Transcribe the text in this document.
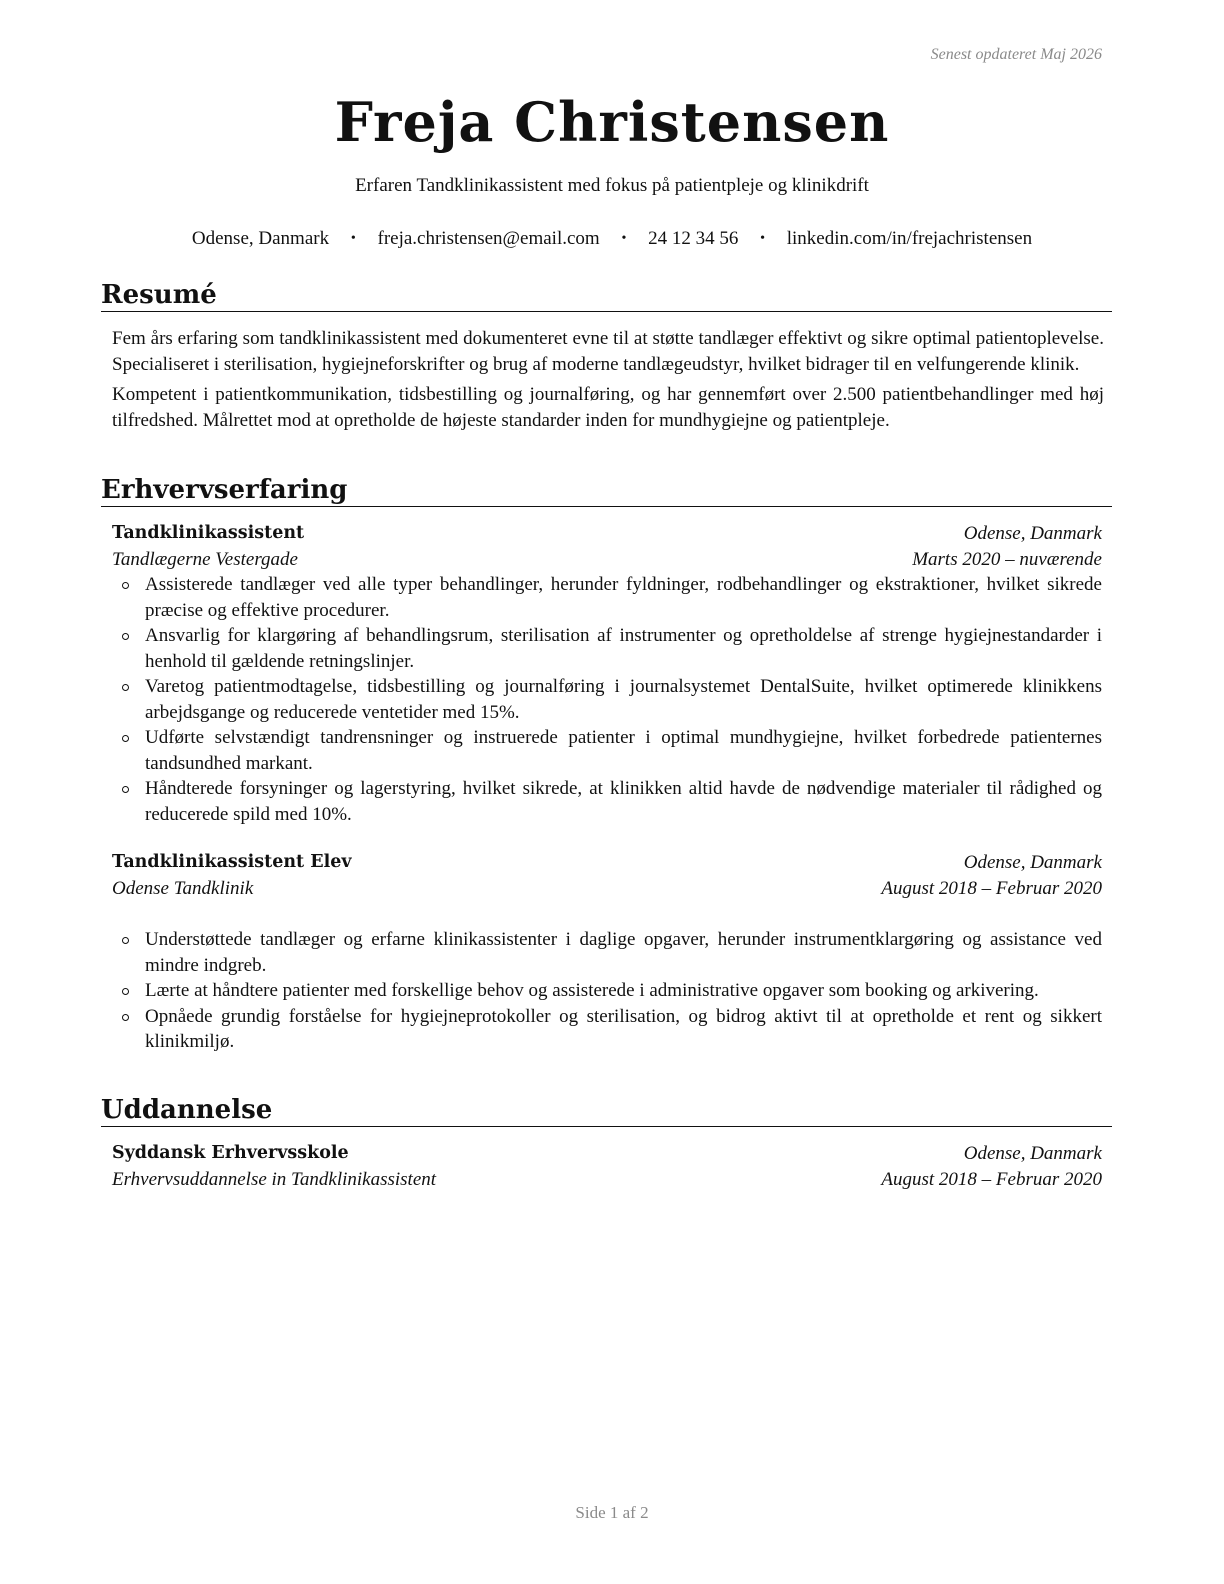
Senest opdateret Maj 2026
Freja Christensen
Erfaren Tandklinikassistent med fokus på patientpleje og klinikdrift
Odense, Danmark • freja.christensen@email.com • 24 12 34 56 • linkedin.com/in/frejachristensen
Resumé

Fem års erfaring som tandklinikassistent med dokumenteret evne til at støtte tandlæger effektivt og sikre optimal patientoplevelse. Specialiseret i sterilisation, hygiejneforskrifter og brug af moderne tandlægeudstyr, hvilket bidrager til en velfungerende klinik.

Kompetent i patientkommunikation, tidsbestilling og journalføring, og har gennemført over 2.500 patientbehandlinger med høj tilfredshed. Målrettet mod at opretholde de højeste standarder inden for mundhygiejne og patientpleje.

Erhvervserfaring
Tandklinikassistent	Odense, Danmark
Tandlægerne Vestergade	Marts 2020 – nuværende
Assisterede tandlæger ved alle typer behandlinger, herunder fyldninger, rodbehandlinger og ekstraktioner, hvilket sikrede præcise og effektive procedurer.
Ansvarlig for klargøring af behandlingsrum, sterilisation af instrumenter og opretholdelse af strenge hygiejnestandarder i henhold til gældende retningslinjer.
Varetog patientmodtagelse, tidsbestilling og journalføring i journalsystemet DentalSuite, hvilket optimerede klinikkens arbejdsgange og reducerede ventetider med 15%.
Udførte selvstændigt tandrensninger og instruerede patienter i optimal mundhygiejne, hvilket forbedrede patienternes tandsundhed markant.
Håndterede forsyninger og lagerstyring, hvilket sikrede, at klinikken altid havde de nødvendige materialer til rådighed og reducerede spild med 10%.
Tandklinikassistent Elev	Odense, Danmark
Odense Tandklinik	August 2018 – Februar 2020
Understøttede tandlæger og erfarne klinikassistenter i daglige opgaver, herunder instrumentklargøring og assistance ved mindre indgreb.
Lærte at håndtere patienter med forskellige behov og assisterede i administrative opgaver som booking og arkivering.
Opnåede grundig forståelse for hygiejneprotokoller og sterilisation, og bidrog aktivt til at opretholde et rent og sikkert klinikmiljø.
Uddannelse
Syddansk Erhvervsskole	Odense, Danmark
Erhvervsuddannelse in Tandklinikassistent	August 2018 – Februar 2020
Side 1 af 2
